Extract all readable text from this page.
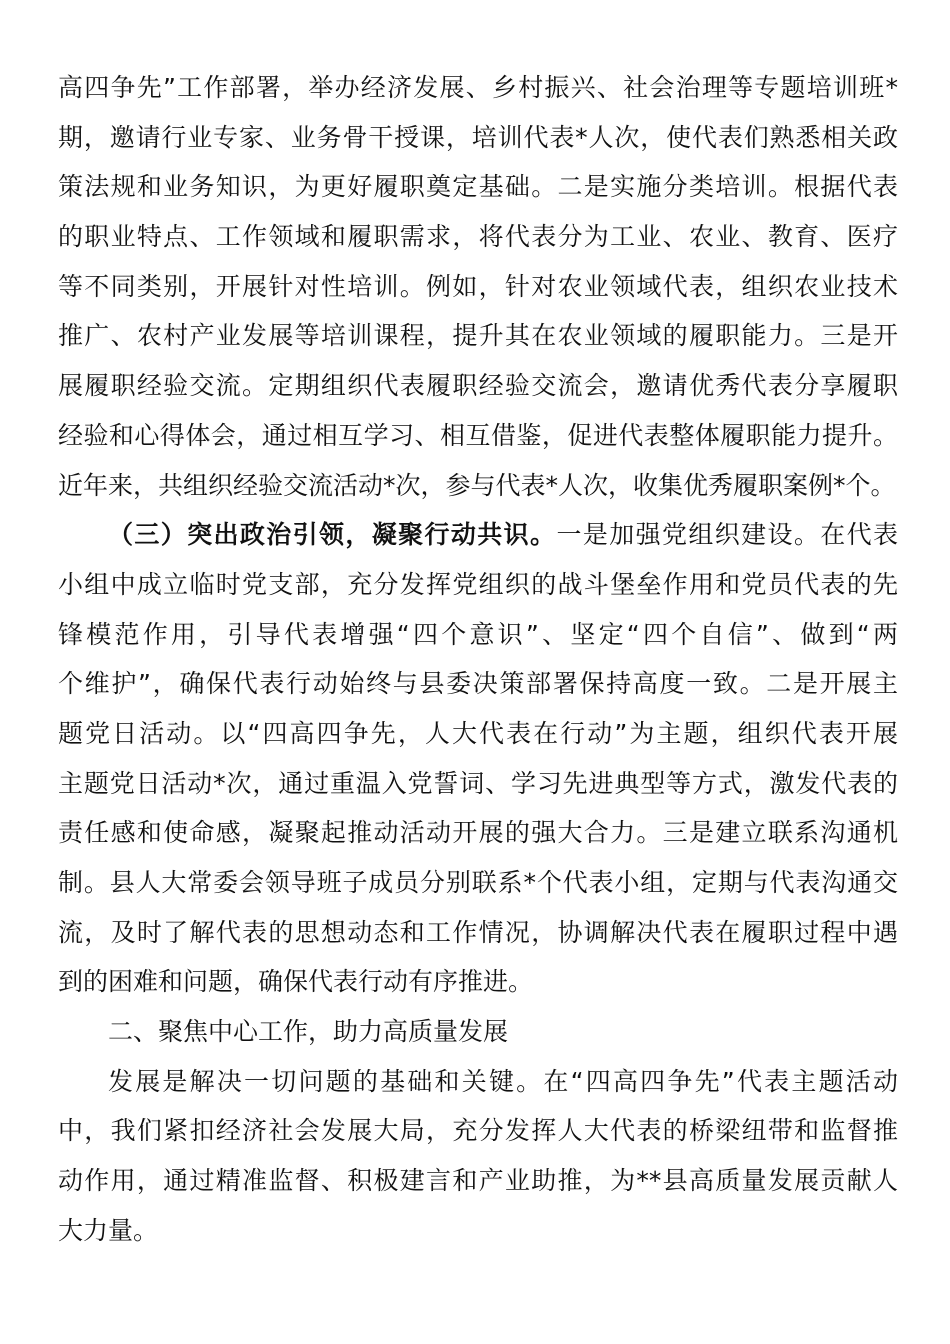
高四争先”工作部署，举办经济发展、乡村振兴、社会治理等专题培训班*
期，邀请行业专家、业务骨干授课，培训代表*人次，使代表们熟悉相关政
策法规和业务知识，为更好履职奠定基础。二是实施分类培训。根据代表
的职业特点、工作领域和履职需求，将代表分为工业、农业、教育、医疗
等不同类别，开展针对性培训。例如，针对农业领域代表，组织农业技术
推广、农村产业发展等培训课程，提升其在农业领域的履职能力。三是开
展履职经验交流。定期组织代表履职经验交流会，邀请优秀代表分享履职
经验和心得体会，通过相互学习、相互借鉴，促进代表整体履职能力提升。
近年来，共组织经验交流活动*次，参与代表*人次，收集优秀履职案例*个。
（三）突出政治引领，凝聚行动共识。一是加强党组织建设。在代表
小组中成立临时党支部，充分发挥党组织的战斗堡垒作用和党员代表的先
锋模范作用，引导代表增强“四个意识”、坚定“四个自信”、做到“两
个维护”，确保代表行动始终与县委决策部署保持高度一致。二是开展主
题党日活动。以“四高四争先，人大代表在行动”为主题，组织代表开展
主题党日活动*次，通过重温入党誓词、学习先进典型等方式，激发代表的
责任感和使命感，凝聚起推动活动开展的强大合力。三是建立联系沟通机
制。县人大常委会领导班子成员分别联系*个代表小组，定期与代表沟通交
流，及时了解代表的思想动态和工作情况，协调解决代表在履职过程中遇
到的困难和问题，确保代表行动有序推进。
二、聚焦中心工作，助力高质量发展
发展是解决一切问题的基础和关键。在“四高四争先”代表主题活动
中，我们紧扣经济社会发展大局，充分发挥人大代表的桥梁纽带和监督推
动作用，通过精准监督、积极建言和产业助推，为**县高质量发展贡献人
大力量。
